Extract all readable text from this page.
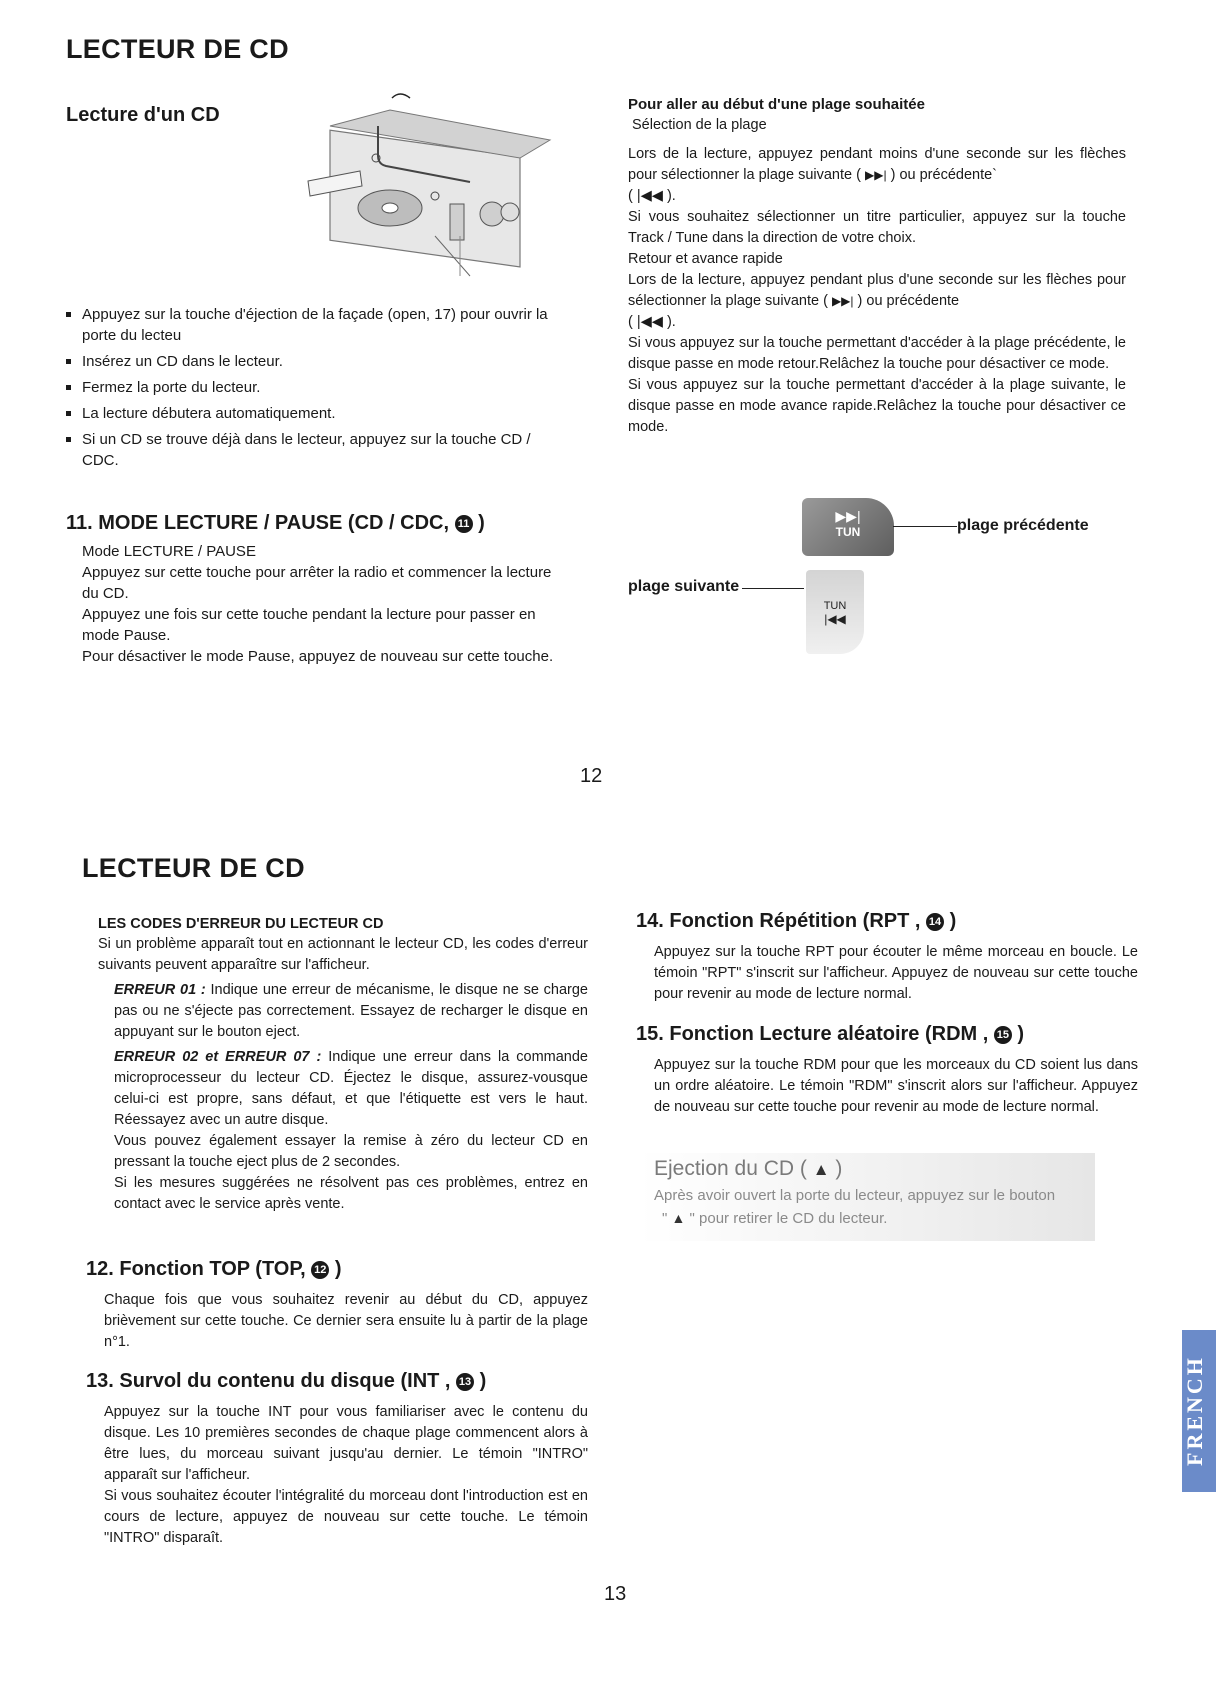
LECTEUR DE CD
Lecture d'un CD
Appuyez sur la touche d'éjection de la façade (open, 17) pour ouvrir la porte du lecteu
Insérez un CD dans le lecteur.
Fermez la porte du lecteur.
La lecture débutera automatiquement.
Si un CD se trouve déjà dans le lecteur, appuyez sur la touche CD / CDC.
11. MODE LECTURE / PAUSE (CD / CDC, 11 )

Mode LECTURE / PAUSE

Appuyez sur cette touche pour arrêter la radio et commencer la lecture du CD.

Appuyez une fois sur cette touche pendant la lecture pour passer en mode Pause.

Pour désactiver le mode Pause, appuyez de nouveau sur cette touche.

Pour aller au début d'une plage souhaitée
Sélection de la plage
Lors de la lecture, appuyez pendant moins d'une seconde sur les flèches pour sélectionner la plage suivante ( ▶▶| ) ou précédente`
( |◀◀ ).
Si vous souhaitez sélectionner un titre particulier, appuyez sur la touche Track / Tune dans la direction de votre choix.
Retour et avance rapide
Lors de la lecture, appuyez pendant plus d'une seconde sur les flèches pour sélectionner la plage suivante ( ▶▶| ) ou précédente
( |◀◀ ).
Si vous appuyez sur la touche permettant d'accéder à la plage précédente, le disque passe en mode retour.Relâchez la touche pour désactiver ce mode.
Si vous appuyez sur la touche permettant d'accéder à la plage suivante, le disque passe en mode avance rapide.Relâchez la touche pour désactiver ce mode.
▶▶|
TUN	plage précédente
plage suivante
TUN
|◀◀
12
LECTEUR DE CD
LES CODES D'ERREUR DU LECTEUR CD

Si un problème apparaît tout en actionnant le lecteur CD, les codes d'erreur suivants peuvent apparaître sur l'afficheur.

ERREUR 01 : Indique une erreur de mécanisme, le disque ne se charge pas ou ne s'éjecte pas correctement. Essayez de recharger le disque en appuyant sur le bouton eject.

ERREUR 02 et ERREUR 07 : Indique une erreur dans la commande microprocesseur du lecteur CD. Éjectez le disque, assurez-vousque celui-ci est propre, sans défaut, et que l'étiquette est vers le haut. Réessayez avec un autre disque.

Vous pouvez également essayer la remise à zéro du lecteur CD en pressant la touche eject plus de 2 secondes.

Si les mesures suggérées ne résolvent pas ces problèmes, entrez en contact avec le service après vente.

12. Fonction TOP (TOP, 12 )

Chaque fois que vous souhaitez revenir au début du CD, appuyez brièvement sur cette touche. Ce dernier sera ensuite lu à partir de la plage n°1.

13. Survol du contenu du disque (INT , 13 )

Appuyez sur la touche INT pour vous familiariser avec le contenu du disque. Les 10 premières secondes de chaque plage commencent alors à être lues, du morceau suivant jusqu'au dernier. Le témoin "INTRO" apparaît sur l'afficheur.

Si vous souhaitez écouter l'intégralité du morceau dont l'introduction est en cours de lecture, appuyez de nouveau sur cette touche. Le témoin "INTRO" disparaît.

14. Fonction Répétition (RPT , 14 )

Appuyez sur la touche RPT pour écouter le même morceau en boucle. Le témoin "RPT" s'inscrit sur l'afficheur. Appuyez de nouveau sur cette touche pour revenir au mode de lecture normal.

15. Fonction Lecture aléatoire (RDM , 15 )

Appuyez sur la touche RDM pour que les morceaux du CD soient lus dans un ordre aléatoire. Le témoin "RDM" s'inscrit alors sur l'afficheur. Appuyez de nouveau sur cette touche pour revenir au mode de lecture normal.

Ejection du CD ( ▲ )
Après avoir ouvert la porte du lecteur, appuyez sur le bouton
" ▲ " pour retirer le CD du lecteur.
FRENCH
13
